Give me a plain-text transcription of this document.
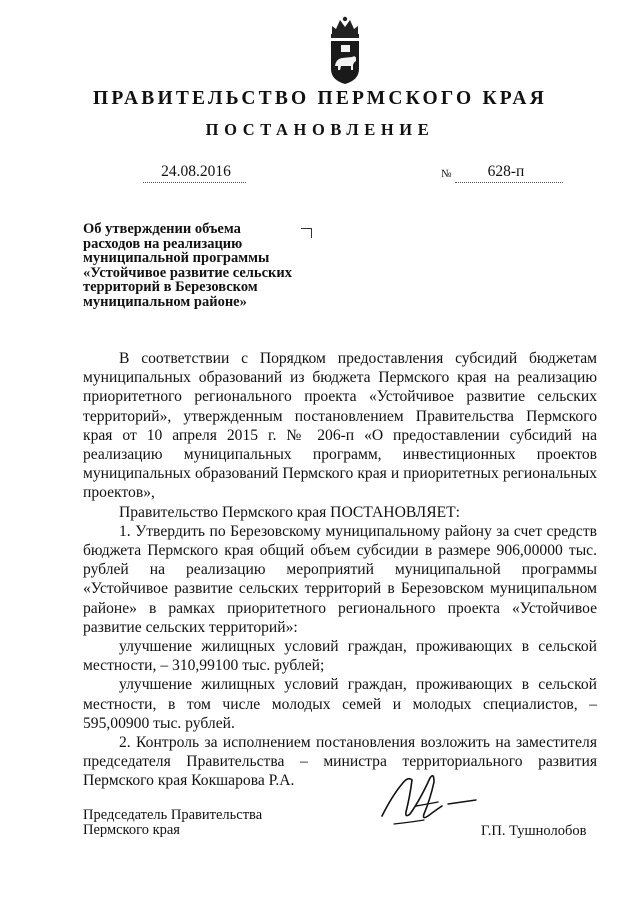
ПРАВИТЕЛЬСТВО ПЕРМСКОГО КРАЯ
ПОСТАНОВЛЕНИЕ
24.08.2016	№	628-п
Об утверждении объема
расходов на реализацию
муниципальной программы
«Устойчивое развитие сельских
территорий в Березовском
муниципальном районе»

В соответствии с Порядком предоставления субсидий бюджетам муниципальных образований из бюджета Пермского края на реализацию приоритетного регионального проекта «Устойчивое развитие сельских территорий», утвержденным постановлением Правительства Пермского края от 10 апреля 2015 г. № 206-п «О предоставлении субсидий на реализацию муниципальных программ, инвестиционных проектов муниципальных образований Пермского края и приоритетных региональных проектов»,

Правительство Пермского края ПОСТАНОВЛЯЕТ:

1. Утвердить по Березовскому муниципальному району за счет средств бюджета Пермского края общий объем субсидии в размере 906,00000 тыс. рублей на реализацию мероприятий муниципальной программы «Устойчивое развитие сельских территорий в Березовском муниципальном районе» в рамках приоритетного регионального проекта «Устойчивое развитие сельских территорий»:

улучшение жилищных условий граждан, проживающих в сельской местности, – 310,99100 тыс. рублей;

улучшение жилищных условий граждан, проживающих в сельской местности, в том числе молодых семей и молодых специалистов, – 595,00900 тыс. рублей.

2. Контроль за исполнением постановления возложить на заместителя председателя Правительства – министра территориального развития Пермского края Кокшарова Р.А.

Председатель Правительства
Пермского края	Г.П. Тушнолобов
